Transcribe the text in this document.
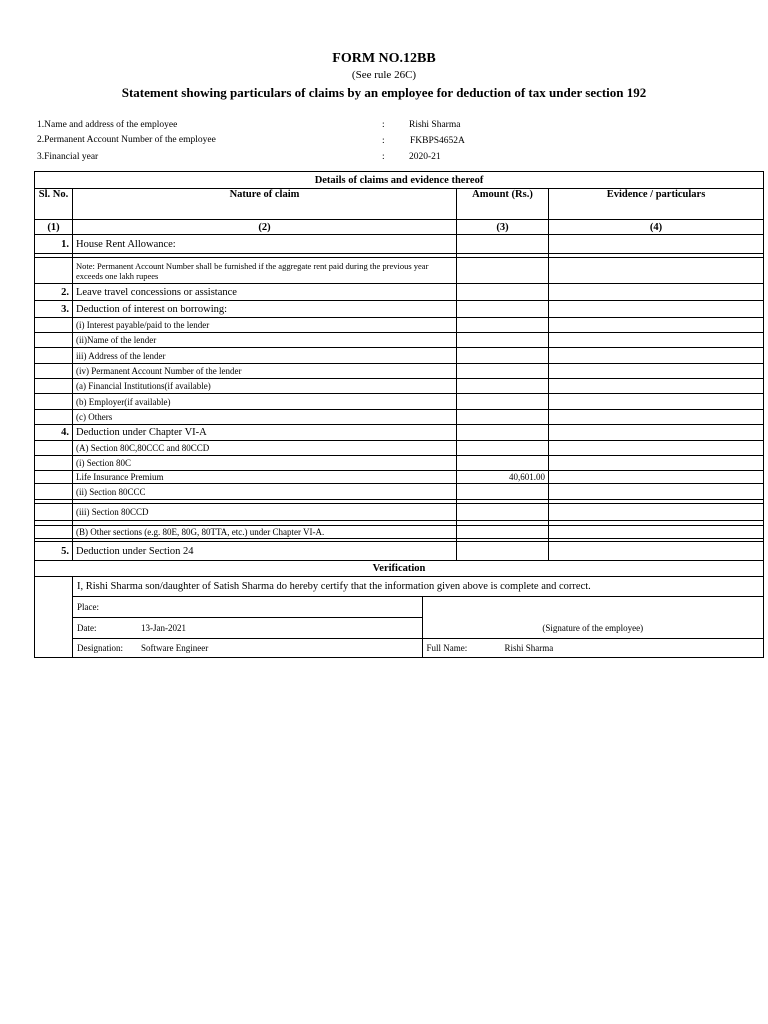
FORM NO.12BB
(See rule 26C)
Statement showing particulars of claims by an employee for deduction of tax under section 192
1.Name and address of the employee	:	Rishi Sharma
2.Permanent Account Number of the employee	:	FKBPS4652A
3.Financial year	:	2020-21
Details of claims and evidence thereof
Sl. No.	Nature of claim	Amount (Rs.)	Evidence / particulars
(1)	(2)	(3)	(4)
1.	House Rent Allowance:		

	Note: Permanent Account Number shall be furnished if the aggregate rent paid during the previous year exceeds one lakh rupees		
2.	Leave travel concessions or assistance		
3.	Deduction of interest on borrowing:		
	(i) Interest payable/paid to the lender		
	(ii)Name of the lender		
	iii) Address of the lender		
	(iv) Permanent Account Number of the lender		
	(a) Financial Institutions(if available)		
	(b) Employer(if available)		
	(c) Others		
4.	Deduction under Chapter VI-A		
	(A) Section 80C,80CCC and 80CCD		
	(i) Section 80C		
	Life Insurance Premium	40,601.00	
	(ii) Section 80CCC		

	(iii) Section 80CCD		

	(B) Other sections (e.g. 80E, 80G, 80TTA, etc.) under Chapter VI-A.		

5.	Deduction under Section 24		
Verification

I, Rishi Sharma son/daughter of Satish Sharma do hereby certify that the information given above is complete and correct.
Place:	
Date:	13-Jan-2021	(Signature of the employee)
Designation: Software Engineer	Full Name:	Rishi Sharma
